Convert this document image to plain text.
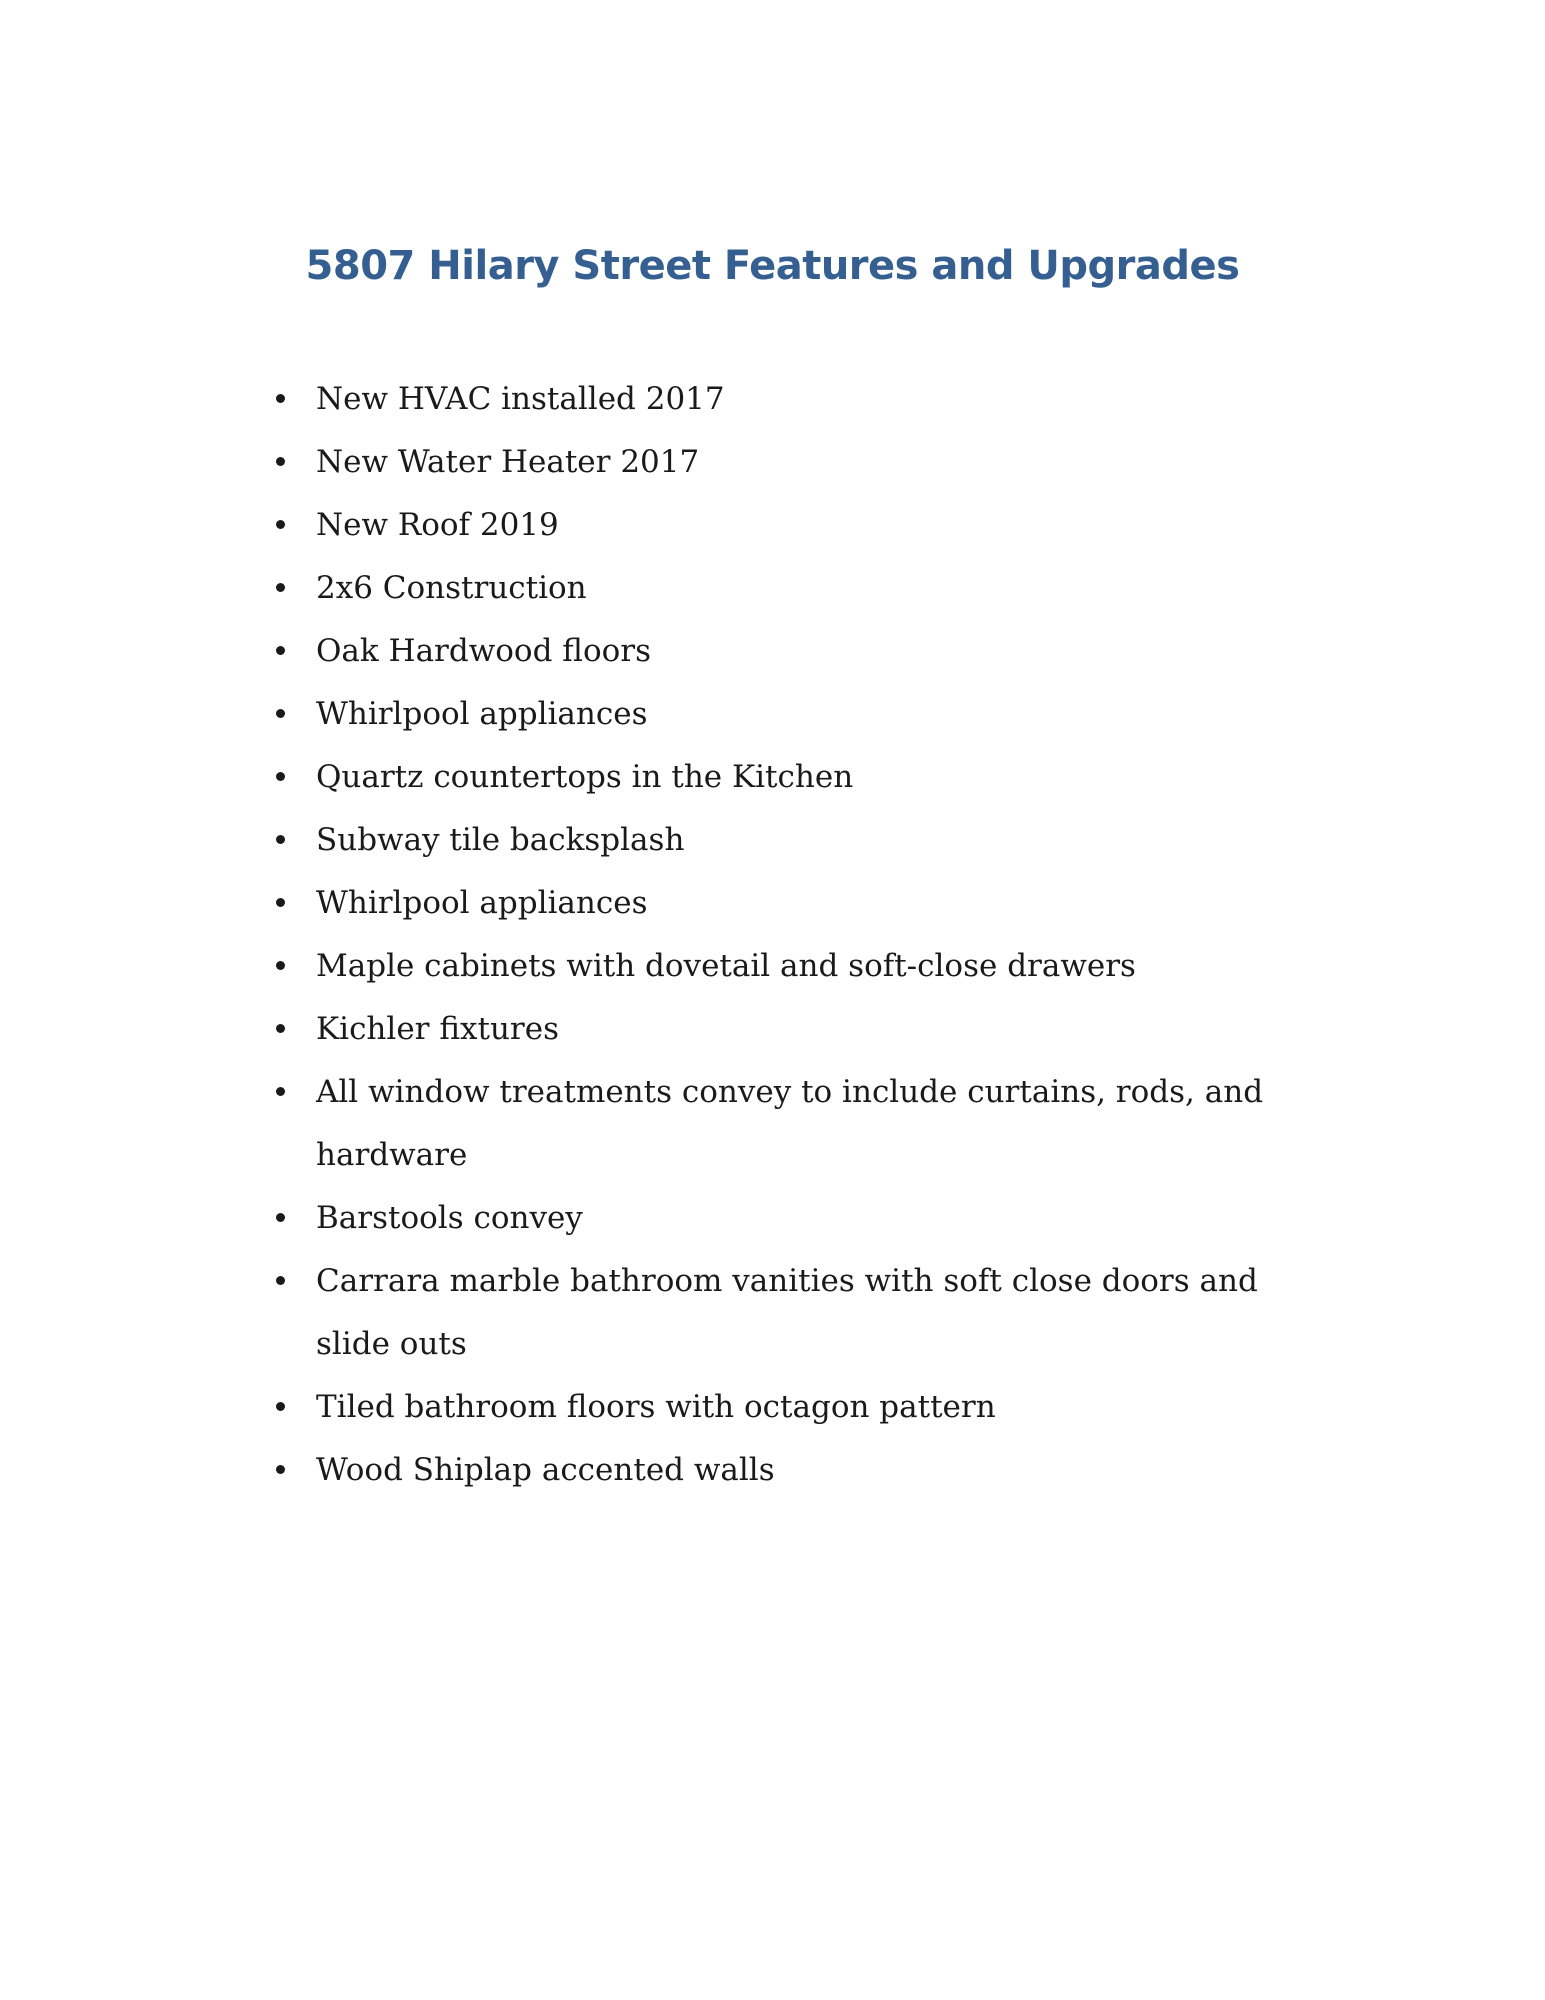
5807 Hilary Street Features and Upgrades
New HVAC installed 2017
New Water Heater 2017
New Roof 2019
2x6 Construction
Oak Hardwood floors
Whirlpool appliances
Quartz countertops in the Kitchen
Subway tile backsplash
Whirlpool appliances
Maple cabinets with dovetail and soft-close drawers
Kichler fixtures
All window treatments convey to include curtains, rods, and hardware
Barstools convey
Carrara marble bathroom vanities with soft close doors and slide outs
Tiled bathroom floors with octagon pattern
Wood Shiplap accented walls
